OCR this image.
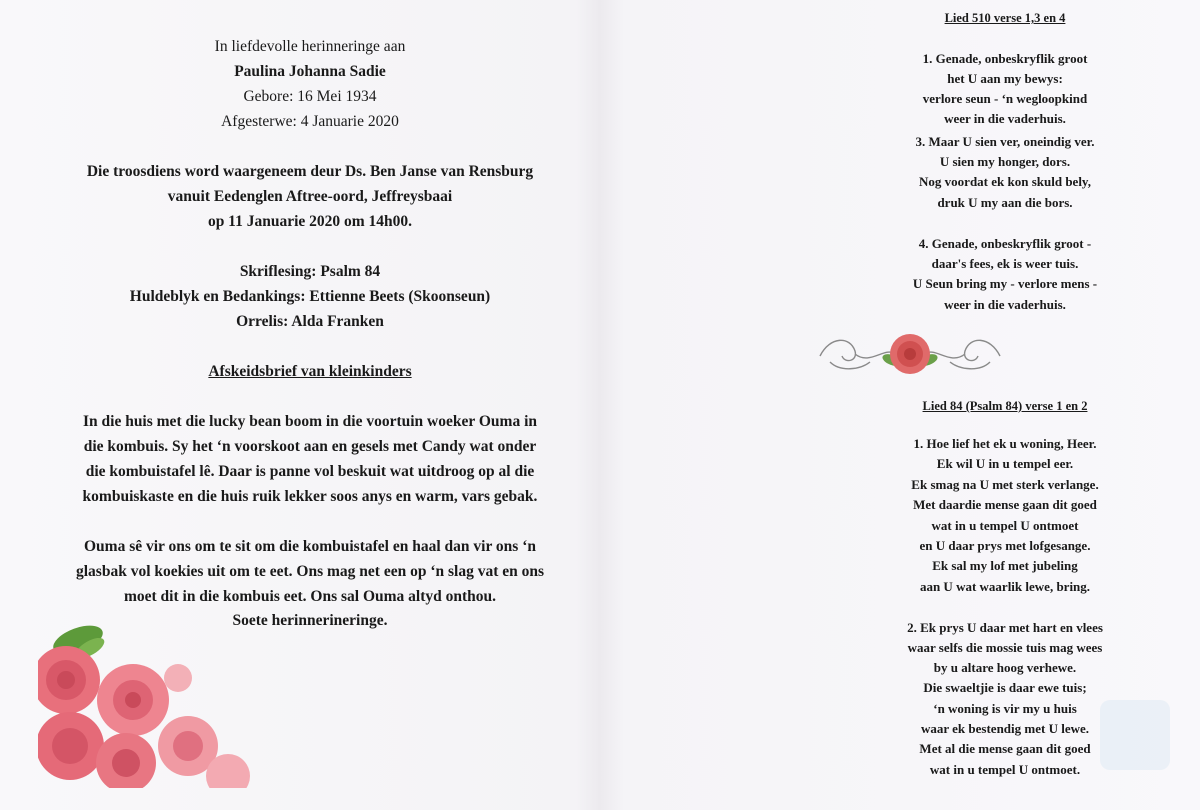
In liefdevolle herinneringe aan
Paulina Johanna Sadie
Gebore: 16 Mei 1934
Afgesterwe: 4 Januarie 2020
Die troosdiens word waargeneem deur Ds. Ben Janse van Rensburg
vanuit Eedenglen Aftree-oord, Jeffreysbaai
op 11 Januarie 2020 om 14h00.
Skriflesing: Psalm 84
Huldeblyk en Bedankings: Ettienne Beets (Skoonseun)
Orrelis: Alda Franken
Afskeidsbrief van kleinkinders
In die huis met die lucky bean boom in die voortuin woeker Ouma in
die kombuis. Sy het ‘n voorskoot aan en gesels met Candy wat onder
die kombuistafel lê. Daar is panne vol beskuit wat uitdroog op al die
kombuiskaste en die huis ruik lekker soos anys en warm, vars gebak.
Ouma sê vir ons om te sit om die kombuistafel en haal dan vir ons ‘n
glasbak vol koekies uit om te eet. Ons mag net een op ‘n slag vat en ons
moet dit in die kombuis eet. Ons sal Ouma altyd onthou.
Soete herinnerineringe.
Lied 510 verse 1,3 en 4
1. Genade, onbeskryflik groot
het U aan my bewys:
verlore seun - ‘n wegloopkind
weer in die vaderhuis.
3. Maar U sien ver, oneindig ver.
U sien my honger, dors.
Nog voordat ek kon skuld bely,
druk U my aan die bors.
4. Genade, onbeskryflik groot -
daar's fees, ek is weer tuis.
U Seun bring my - verlore mens -
weer in die vaderhuis.
Lied 84 (Psalm 84) verse 1 en 2
1. Hoe lief het ek u woning, Heer.
Ek wil U in u tempel eer.
Ek smag na U met sterk verlange.
Met daardie mense gaan dit goed
wat in u tempel U ontmoet
en U daar prys met lofgesange.
Ek sal my lof met jubeling
aan U wat waarlik lewe, bring.
2. Ek prys U daar met hart en vlees
waar selfs die mossie tuis mag wees
by u altare hoog verhewe.
Die swaeltjie is daar ewe tuis;
‘n woning is vir my u huis
waar ek bestendig met U lewe.
Met al die mense gaan dit goed
wat in u tempel U ontmoet.
